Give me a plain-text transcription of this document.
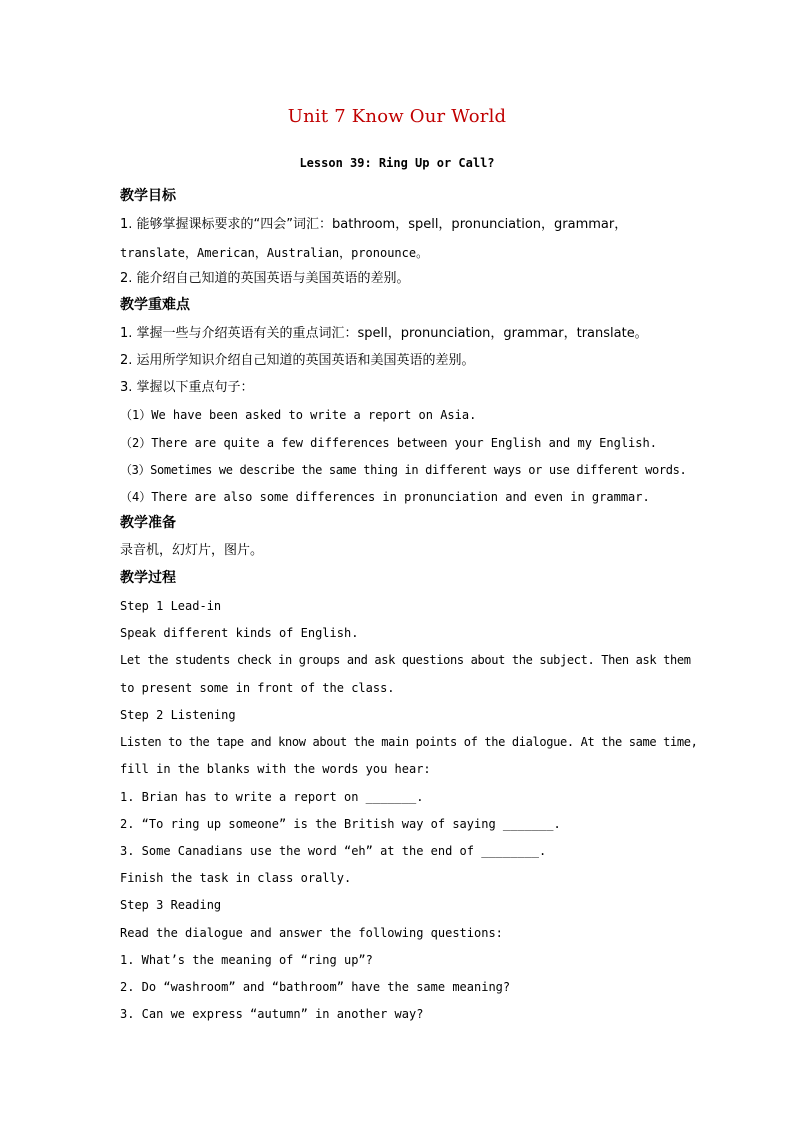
Unit 7 Know Our World
Lesson 39: Ring Up or Call?
教学目标
1. 能够掌握课标要求的“四会”词汇：bathroom，spell，pronunciation，grammar，
translate，American，Australian，pronounce。
2. 能介绍自己知道的英国英语与美国英语的差别。
教学重难点
1. 掌握一些与介绍英语有关的重点词汇：spell，pronunciation，grammar，translate。
2. 运用所学知识介绍自己知道的英国英语和美国英语的差别。
3. 掌握以下重点句子：
（1）We have been asked to write a report on Asia.
（2）There are quite a few differences between your English and my English.
（3）Sometimes we describe the same thing in different ways or use different words.
（4）There are also some differences in pronunciation and even in grammar.
教学准备
录音机，幻灯片，图片。
教学过程
Step 1 Lead-in
Speak different kinds of English.
Let the students check in groups and ask questions about the subject. Then ask them
to present some in front of the class.
Step 2 Listening
Listen to the tape and know about the main points of the dialogue. At the same time,
fill in the blanks with the words you hear:
1. Brian has to write a report on _______.
2. “To ring up someone” is the British way of saying _______.
3. Some Canadians use the word “eh” at the end of ________.
Finish the task in class orally.
Step 3 Reading
Read the dialogue and answer the following questions:
1. What’s the meaning of “ring up”?
2. Do “washroom” and “bathroom” have the same meaning?
3. Can we express “autumn” in another way?
